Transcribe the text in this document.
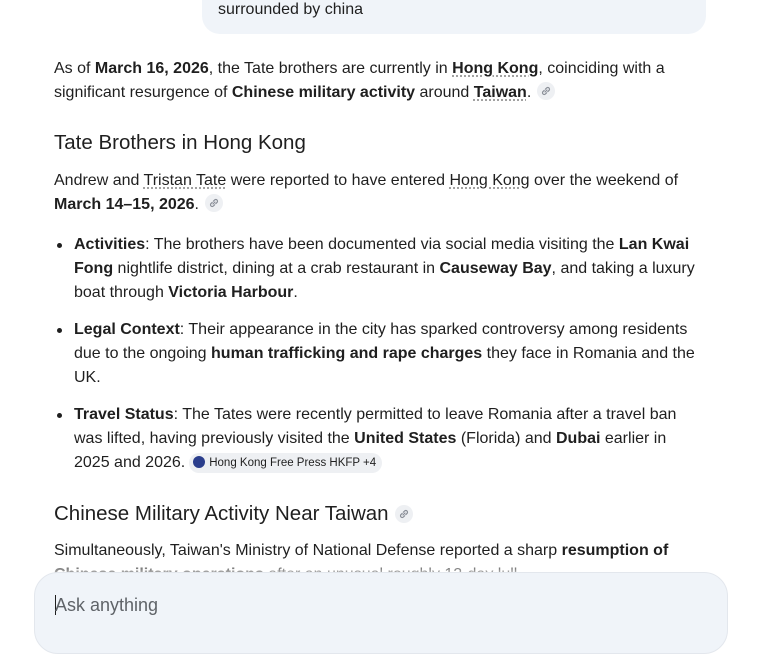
surrounded by china

As of March 16, 2026, the Tate brothers are currently in Hong Kong, coinciding with a significant resurgence of Chinese military activity around Taiwan.

Tate Brothers in Hong Kong

Andrew and Tristan Tate were reported to have entered Hong Kong over the weekend of March 14–15, 2026.

Activities: The brothers have been documented via social media visiting the Lan Kwai Fong nightlife district, dining at a crab restaurant in Causeway Bay, and taking a luxury boat through Victoria Harbour.
Legal Context: Their appearance in the city has sparked controversy among residents due to the ongoing human trafficking and rape charges they face in Romania and the UK.
Travel Status: The Tates were recently permitted to leave Romania after a travel ban was lifted, having previously visited the United States (Florida) and Dubai earlier in 2025 and 2026. Hong Kong Free Press HKFP +4
Chinese Military Activity Near Taiwan

Simultaneously, Taiwan's Ministry of National Defense reported a sharp resumption of

Ask anything
